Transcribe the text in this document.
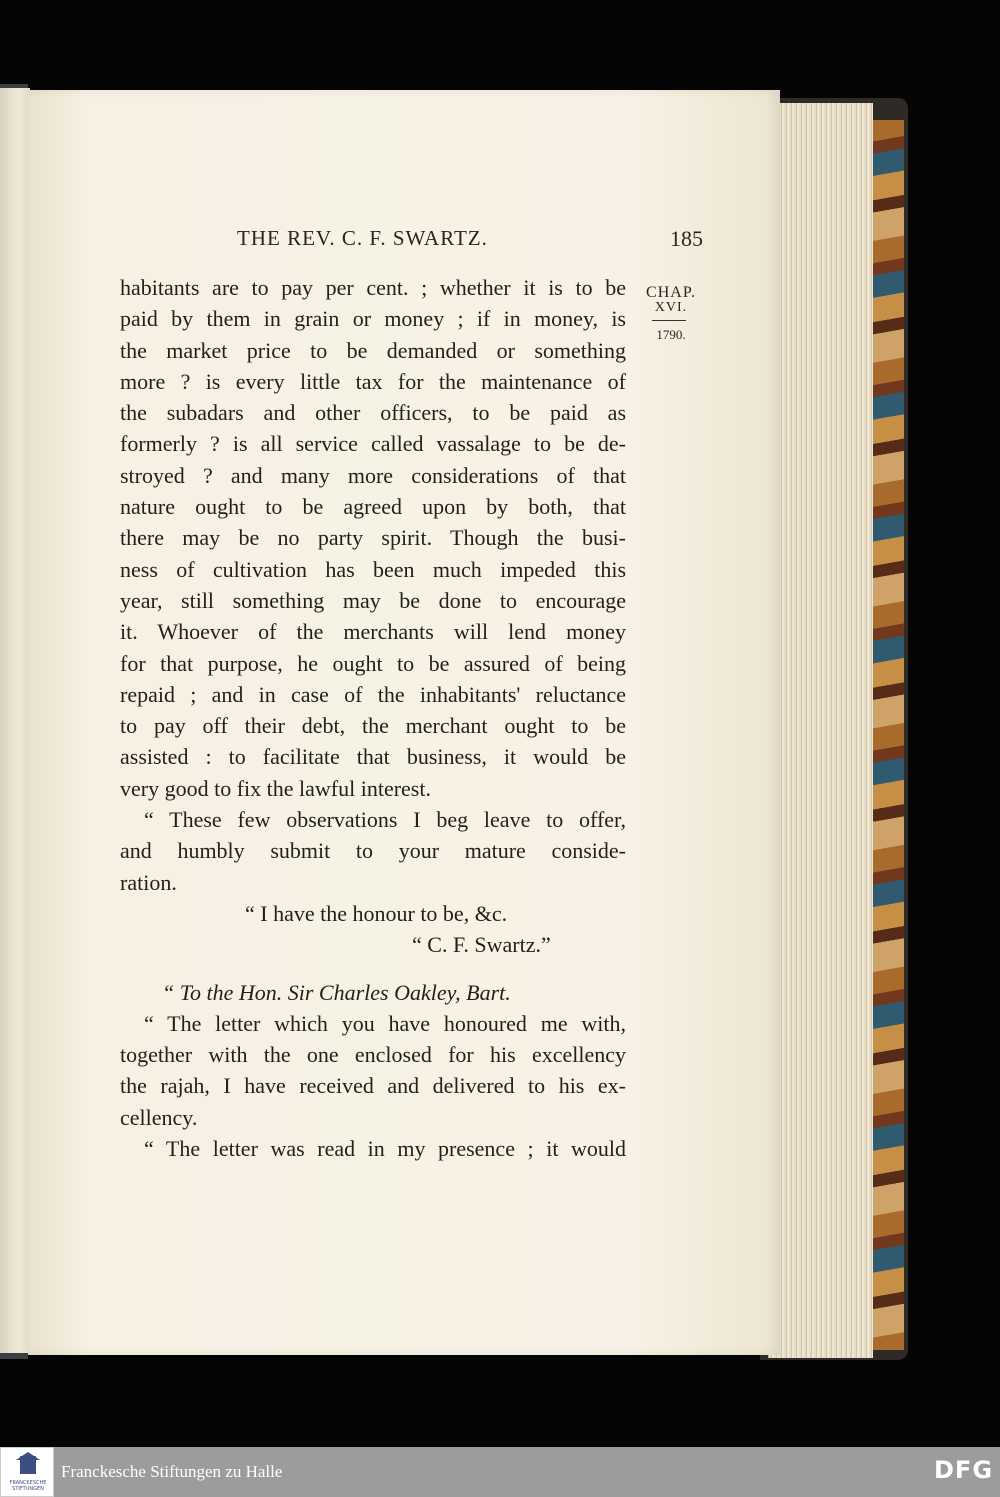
THE REV. C. F. SWARTZ.	185
CHAP.
XVI.
1790.
habitants are to pay per cent. ; whether it is to be
paid by them in grain or money ; if in money, is
the market price to be demanded or something
more ? is every little tax for the maintenance of
the subadars and other officers, to be paid as
formerly ? is all service called vassalage to be de-
stroyed ? and many more considerations of that
nature ought to be agreed upon by both, that
there may be no party spirit. Though the busi-
ness of cultivation has been much impeded this
year, still something may be done to encourage
it. Whoever of the merchants will lend money
for that purpose, he ought to be assured of being
repaid ; and in case of the inhabitants' reluctance
to pay off their debt, the merchant ought to be
assisted : to facilitate that business, it would be
very good to fix the lawful interest.
“ These few observations I beg leave to offer,
and humbly submit to your mature conside-
ration.
“ I have the honour to be, &c.
“ C. F. Swartz.”
“ To the Hon. Sir Charles Oakley, Bart.
“ The letter which you have honoured me with,
together with the one enclosed for his excellency
the rajah, I have received and delivered to his ex-
cellency.
“ The letter was read in my presence ; it would
FRANCKESCHE
STIFTUNGEN
Franckesche Stiftungen zu Halle	DFG
